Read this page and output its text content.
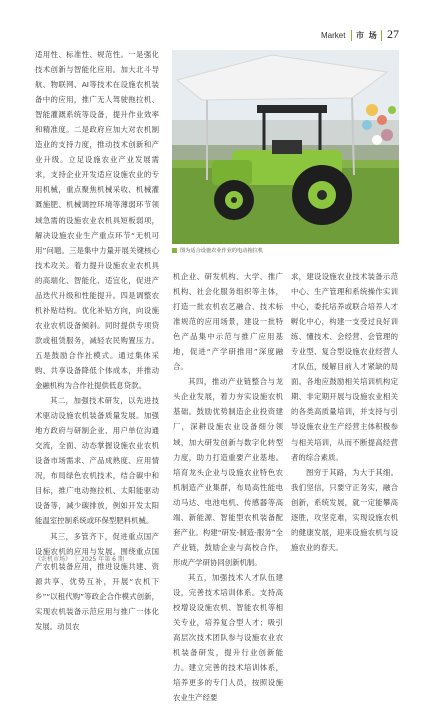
Market 市 场 27

适用性、标准性、规范性。一是强化技术创新与智能化应用。加大北斗导航、物联网、AI等技术在设施农机装备中的应用，推广无人驾驶拖拉机、智能灌溉系统等设备，提升作业效率和精准度。二是政府应加大对农机制造业的支持力度，推动技术创新和产业升级。立足设施农业产业发展需求，支持企业开发适应设施农业的专用机械，重点聚焦机械采收、机械灌溉施肥、机械调控环境等薄弱环节领域急需的设施农业农机具短板弱项，解决设施农业生产重点环节“无机可用”问题。三是集中力量开展关键核心技术攻关。着力提升设施农业农机具的高端化、智能化、适宜化，促进产品迭代升级和性能提升。四是调整农机补贴结构。优化补贴方向，向设施农业农机设备倾斜。同时提供专项贷款或租赁服务，减轻农民购置压力。五是鼓励合作社模式。通过集体采购、共享设备降低个体成本，并推动金融机构为合作社提供低息贷款。

其二，加强技术研发，以先进技术驱动设施农机装备质量发展。加强地方政府与研制企业、用户单位沟通交流，全面、动态掌握设施农业农机设备市场需求、产品成熟度、应用情况，布局绿色农机技术，结合碳中和目标，推广电动拖拉机、太阳能驱动设备等，减少碳排放，例如开发太阳能温室控制系统或环保型肥料机械。

其三，多管齐下，促进重点国产设施农机的应用与发展。围绕重点国产农机装备应用，推进设施共建、资源共享、优势互补，开展“农机下乡”“以租代购”等政企合作模式创新，实现农机装备示范应用与推广一体化发展。动员农

图为适合设施农业作业的电动拖拉机

机企业、研发机构、大学、推广机构、社会化服务组织等主体，打造一批农机农艺融合、技术标准规范的应用场景，建设一批特色产品集中示范与推广应用基地，促进“产学研推用”深度融合。

其四，推动产业链整合与龙头企业发展，着力夯实设施农机基础。鼓励优势制造企业投资建厂，深耕设施农业设备细分领域，加大研发创新与数字化转型力度，助力打造重要产业基地。培育龙头企业与设施农业特色农机制造产业集群，布局高性能电动马达、电池电机、传感器等高端、新能源、智能型农机装备配套产业。构建“研发-制造-服务”全产业链，鼓励企业与高校合作，形成产学研协同创新机制。

其五，加强技术人才队伍建设，完善技术培训体系。支持高校增设设施农机、智能农机等相关专业，培养复合型人才；吸引高层次技术团队参与设施农业农机装备研发，提升行业创新能力。建立完善的技术培训体系，培养更多的专门人员，按照设施农业生产经要

求，建设设施农业技术装备示范中心、生产管理和系统操作实训中心，委托培养或联合培养人才孵化中心，构建一支受过良好训练、懂技术、会经营、会管理的专业型、复合型设施农业经营人才队伍，缓解目前人才紧缺的局面。各地应鼓励相关培训机构定期、非定期开展与设施农业相关的各类高质量培训，并支持与引导设施农业生产经营主体积极参与相关培训，从而不断提高经营者的综合素质。

图穷于其路，为大于其细。我们坚信，只要守正务实，融合创新，系统发展，就一定能攀高逐胜，攻坚克难，实现设施农机的健康发展，迎来设施农机与设施农业的春天。

《农机市场》 | 2025 年第 6 期
